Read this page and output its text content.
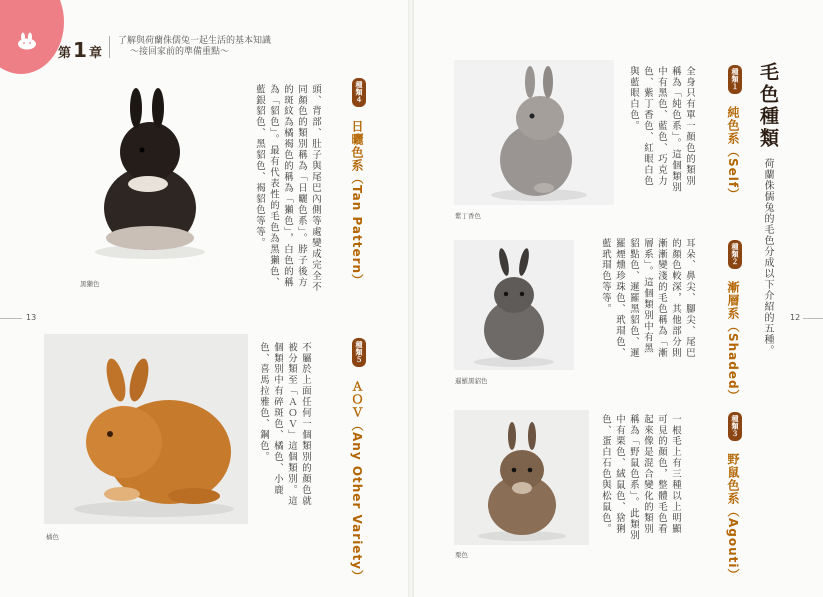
第 1 章
了解與荷蘭侏儒兔一起生活的基本知識
～接回家前的準備重點～
13	12
毛色種類
荷蘭侏儒兔的毛色分成以下介紹的五種。
種類１
純色系（Self）
全身只有單一顏色的類別稱為「純色系」。這個類別中有黑色、藍色、巧克力色、紫丁香色、紅眼白色與藍眼白色。
種類２
漸層系（Shaded）
耳朵、鼻尖、腳尖、尾巴的顏色較深，其他部分則漸漸變淺的毛色稱為「漸層系」。這個類別中有黑貂點色、暹羅黑貂色、暹羅煙燻珍珠色、玳瑁色、藍玳瑁色等等。
種類３
野鼠色系（Agouti）
一根毛上有三種以上明顯可見的顏色，整體毛色看起來像是混合變化的類別稱為「野鼠色系」。此類別中有栗色、絨鼠色、猞猁色、蛋白石色與松鼠色。
種類４
日曬色系（Tan Pattern）
頭、背部、肚子與尾巴內側等處變成完全不同顏色的類別稱為「日曬色系」。脖子後方的斑紋為橘褐色的稱為「獺色」，白色的稱為「貂色」。最有代表性的毛色為黑獺色、藍銀貂色、黑貂色、褐貂色等等。
種類５
ＡＯＶ（Any Other Variety）
不屬於上面任何一個類別的顏色就被分類至「ＡＯＶ」這個類別。這個類別中有碎斑色、橘色、小鹿色、喜馬拉雅色、鋼色。
紫丁香色
暹羅黑貂色
栗色
黑獺色
橘色
